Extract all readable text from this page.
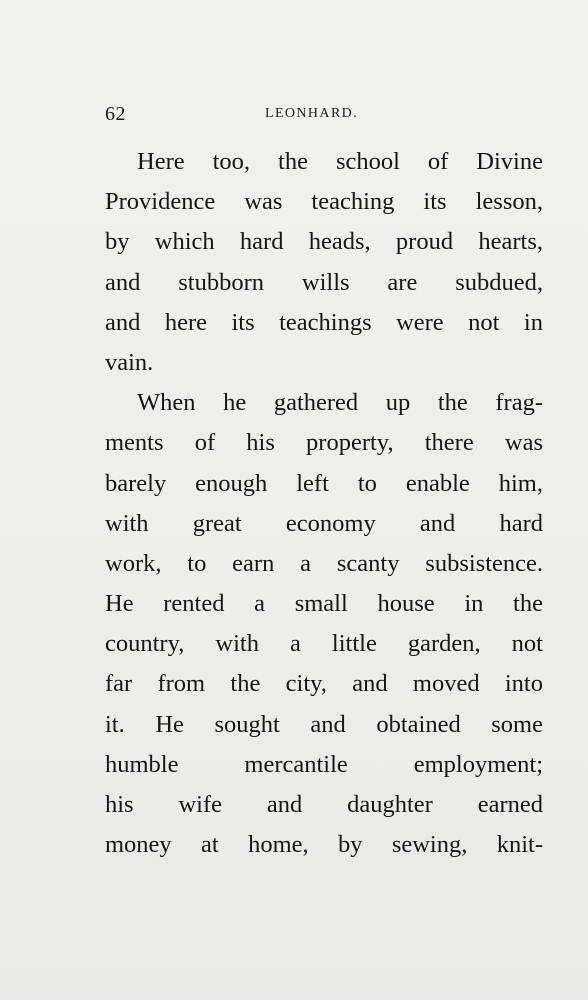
62	LEONHARD.
Here too, the school of Divine
Providence was teaching its lesson,
by which hard heads, proud hearts,
and stubborn wills are subdued,
and here its teachings were not in
vain.
When he gathered up the frag-
ments of his property, there was
barely enough left to enable him,
with great economy and hard
work, to earn a scanty subsistence.
He rented a small house in the
country, with a little garden, not
far from the city, and moved into
it. He sought and obtained some
humble mercantile employment;
his wife and daughter earned
money at home, by sewing, knit-
